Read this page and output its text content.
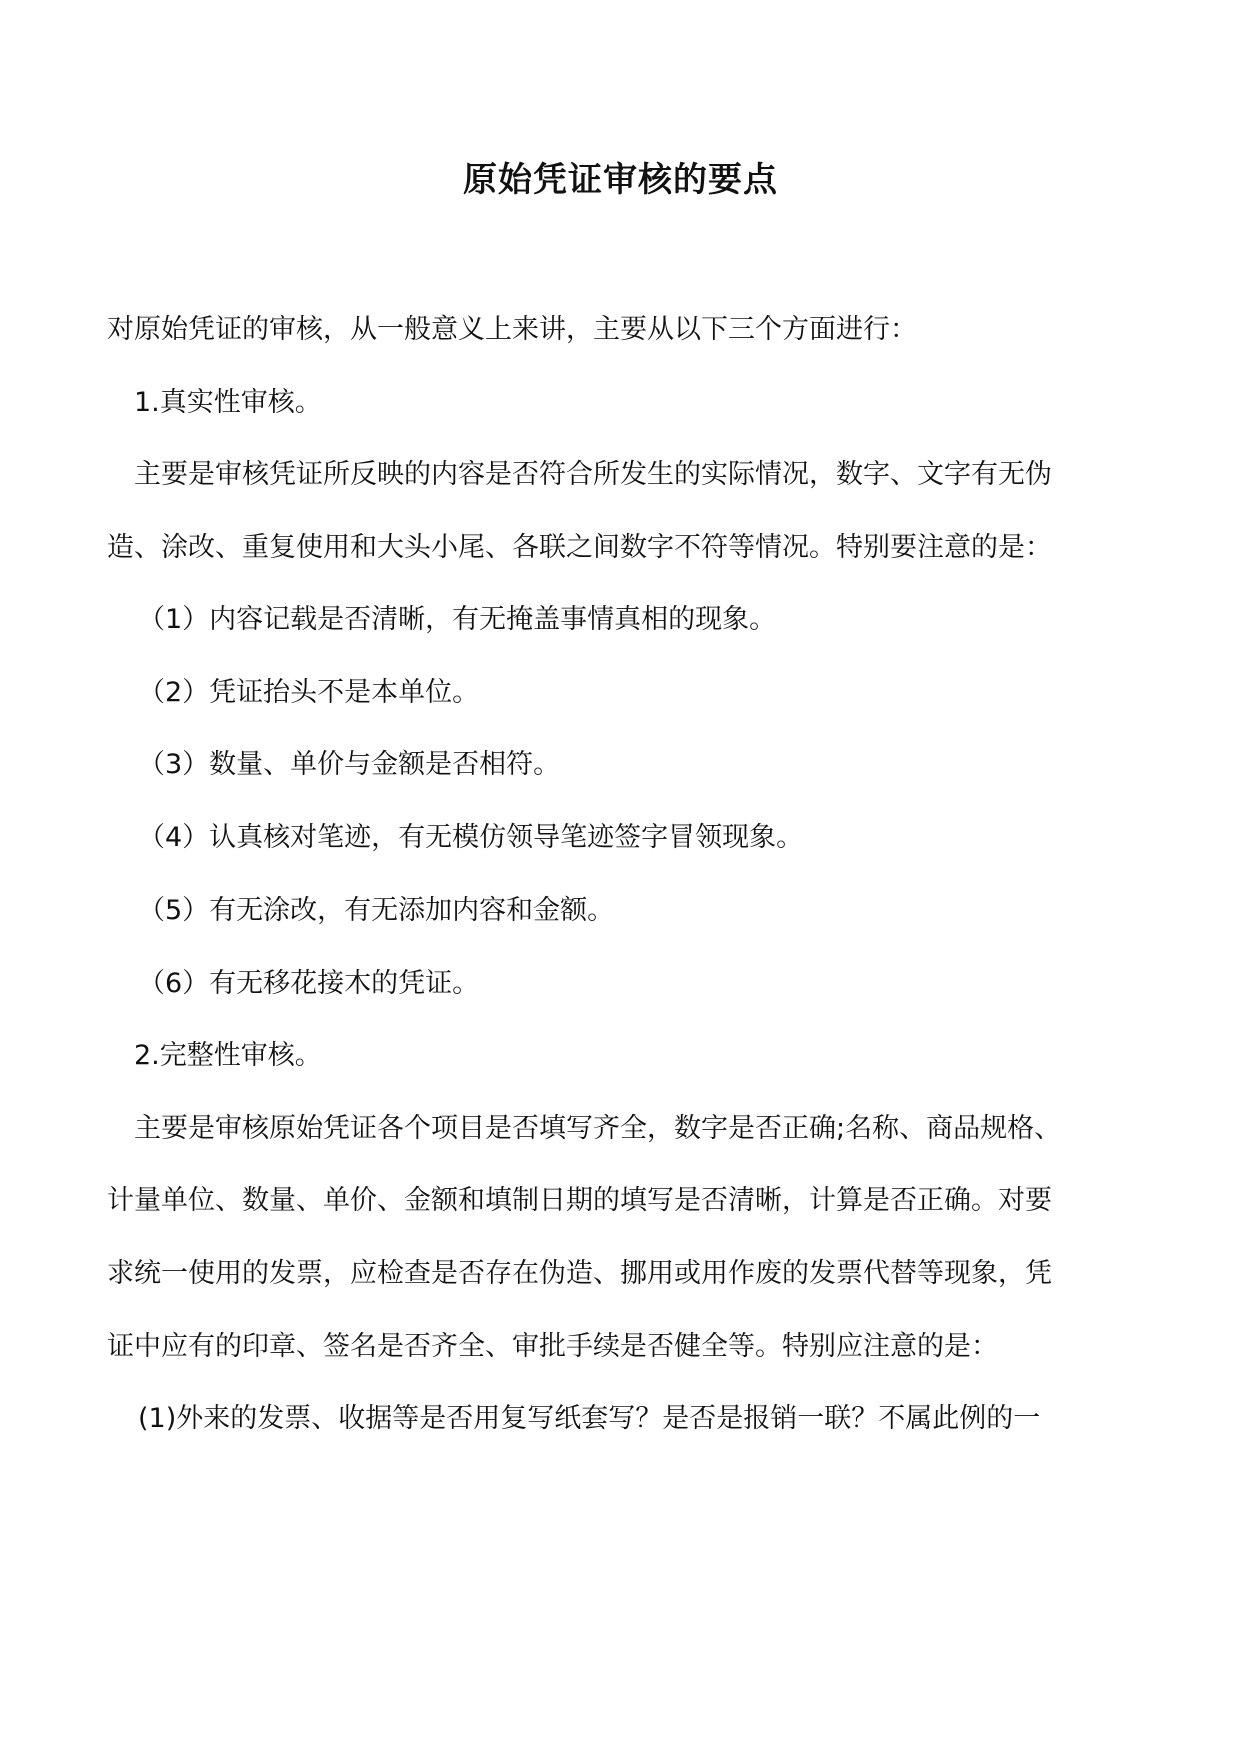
原始凭证审核的要点
对原始凭证的审核，从一般意义上来讲，主要从以下三个方面进行：
1.真实性审核。
主要是审核凭证所反映的内容是否符合所发生的实际情况，数字、文字有无伪
造、涂改、重复使用和大头小尾、各联之间数字不符等情况。特别要注意的是：
（1）内容记载是否清晰，有无掩盖事情真相的现象。
（2）凭证抬头不是本单位。
（3）数量、单价与金额是否相符。
（4）认真核对笔迹，有无模仿领导笔迹签字冒领现象。
（5）有无涂改，有无添加内容和金额。
（6）有无移花接木的凭证。
2.完整性审核。
主要是审核原始凭证各个项目是否填写齐全，数字是否正确;名称、商品规格、
计量单位、数量、单价、金额和填制日期的填写是否清晰，计算是否正确。对要
求统一使用的发票，应检查是否存在伪造、挪用或用作废的发票代替等现象，凭
证中应有的印章、签名是否齐全、审批手续是否健全等。特别应注意的是：
(1)外来的发票、收据等是否用复写纸套写？是否是报销一联？不属此例的一
